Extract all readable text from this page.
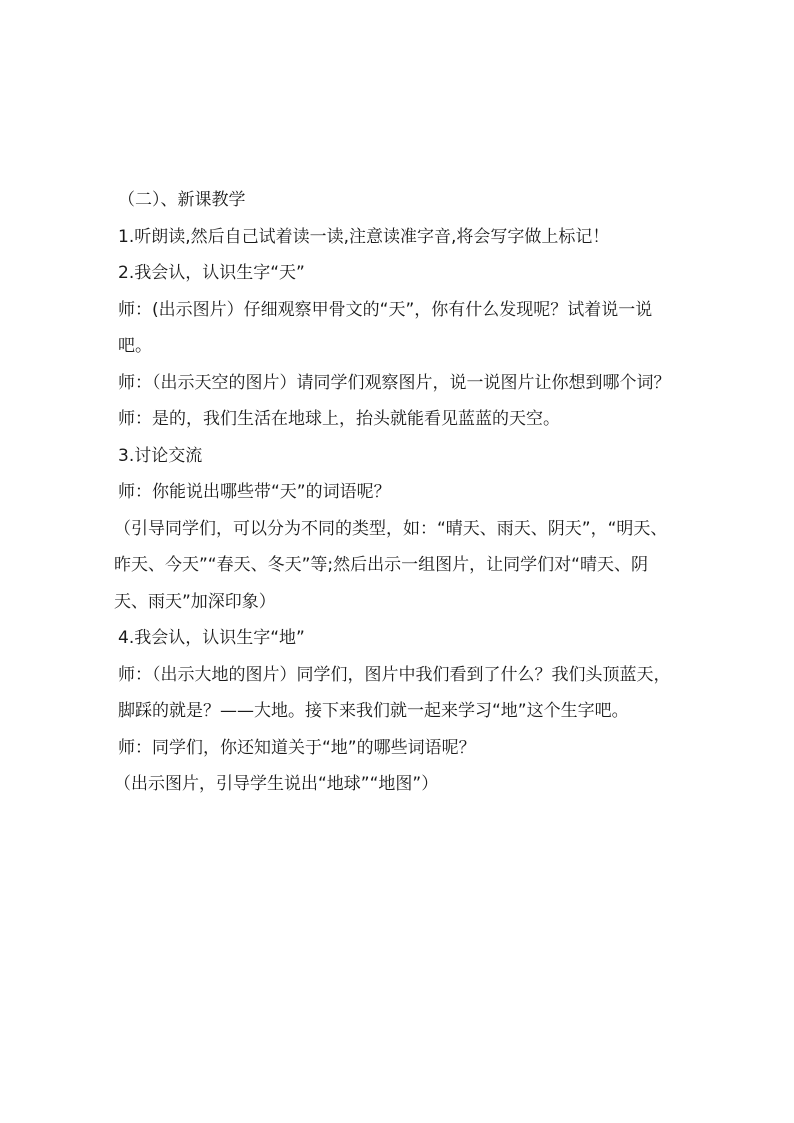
（二）、新课教学

1.听朗读,然后自己试着读一读,注意读准字音,将会写字做上标记！

2.我会认，认识生字“天”

师：(出示图片）仔细观察甲骨文的“天”，你有什么发现呢？试着说一说吧。

师：（出示天空的图片）请同学们观察图片，说一说图片让你想到哪个词？

师：是的，我们生活在地球上，抬头就能看见蓝蓝的天空。

3.讨论交流

师：你能说出哪些带“天”的词语呢？

（引导同学们，可以分为不同的类型，如：“晴天、雨天、阴天”，“明天、昨天、今天”“春天、冬天”等;然后出示一组图片，让同学们对“晴天、阴天、雨天”加深印象）

4.我会认，认识生字“地”

师：（出示大地的图片）同学们，图片中我们看到了什么？我们头顶蓝天，脚踩的就是？——大地。接下来我们就一起来学习“地”这个生字吧。

师：同学们，你还知道关于“地”的哪些词语呢？

（出示图片，引导学生说出“地球”“地图”）
